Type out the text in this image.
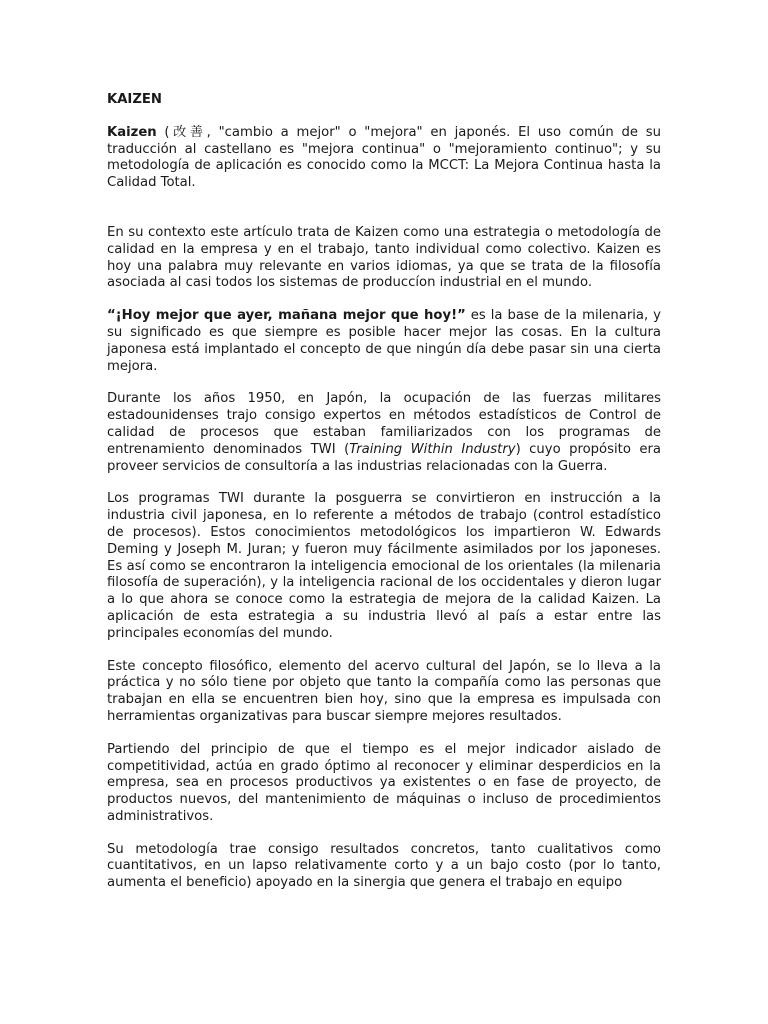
KAIZEN

Kaizen (改善, "cambio a mejor" o "mejora" en japonés. El uso común de su traducción al castellano es "mejora continua" o "mejoramiento continuo"; y su metodología de aplicación es conocido como la MCCT: La Mejora Continua hasta la Calidad Total.

En su contexto este artículo trata de Kaizen como una estrategia o metodología de calidad en la empresa y en el trabajo, tanto individual como colectivo. Kaizen es hoy una palabra muy relevante en varios idiomas, ya que se trata de la filosofía asociada al casi todos los sistemas de produccíon industrial en el mundo.

“¡Hoy mejor que ayer, mañana mejor que hoy!” es la base de la milenaria, y su significado es que siempre es posible hacer mejor las cosas. En la cultura japonesa está implantado el concepto de que ningún día debe pasar sin una cierta mejora.

Durante los años 1950, en Japón, la ocupación de las fuerzas militares estadounidenses trajo consigo expertos en métodos estadísticos de Control de calidad de procesos que estaban familiarizados con los programas de entrenamiento denominados TWI (Training Within Industry) cuyo propósito era proveer servicios de consultoría a las industrias relacionadas con la Guerra.

Los programas TWI durante la posguerra se convirtieron en instrucción a la industria civil japonesa, en lo referente a métodos de trabajo (control estadístico de procesos). Estos conocimientos metodológicos los impartieron W. Edwards Deming y Joseph M. Juran; y fueron muy fácilmente asimilados por los japoneses. Es así como se encontraron la inteligencia emocional de los orientales (la milenaria filosofía de superación), y la inteligencia racional de los occidentales y dieron lugar a lo que ahora se conoce como la estrategia de mejora de la calidad Kaizen. La aplicación de esta estrategia a su industria llevó al país a estar entre las principales economías del mundo.

Este concepto filosófico, elemento del acervo cultural del Japón, se lo lleva a la práctica y no sólo tiene por objeto que tanto la compañía como las personas que trabajan en ella se encuentren bien hoy, sino que la empresa es impulsada con herramientas organizativas para buscar siempre mejores resultados.

Partiendo del principio de que el tiempo es el mejor indicador aislado de competitividad, actúa en grado óptimo al reconocer y eliminar desperdicios en la empresa, sea en procesos productivos ya existentes o en fase de proyecto, de productos nuevos, del mantenimiento de máquinas o incluso de procedimientos administrativos.

Su metodología trae consigo resultados concretos, tanto cualitativos como cuantitativos, en un lapso relativamente corto y a un bajo costo (por lo tanto, aumenta el beneficio) apoyado en la sinergia que genera el trabajo en equipo
